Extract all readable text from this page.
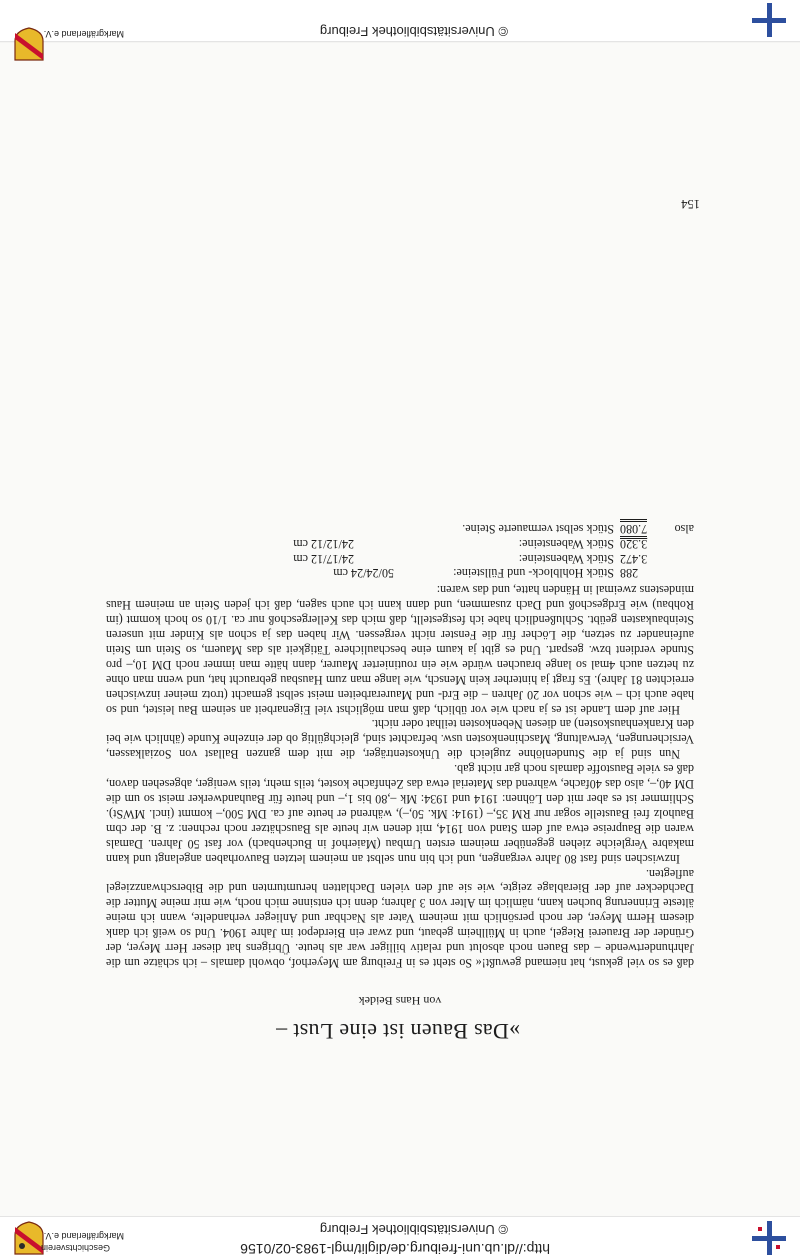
http://dl.ub.uni-freiburg.de/diglit/mgl-1983-02/0156
© Universitätsbibliothek Freiburg
Geschichtsverein
Markgräflerland e.V.
»Das Bauen ist eine Lust –
von Hans Beidek

daß es so viel gekust, hat niemand gewußt!« So steht es in Freiburg am Meyerhof, obwohl damals – ich schätze um die Jahrhundertwende – das Bauen noch absolut und relativ billiger war als heute. Übrigens hat dieser Herr Meyer, der Gründer der Brauerei Riegel, auch in Müllheim gebaut, und zwar ein Bierdepot im Jahre 1904. Und so weiß ich dank diesem Herrn Meyer, der noch persönlich mit meinem Vater als Nachbar und Anlieger verhandelte, wann ich meine älteste Erinnerung buchen kann, nämlich im Alter von 3 Jahren; denn ich entsinne mich noch, wie mir meine Mutter die Dachdecker auf der Bierablage zeigte, wie sie auf den vielen Dachlatten herumturnten und die Biberschwanzziegel auflegten.

Inzwischen sind fast 80 Jahre vergangen, und ich bin nun selbst an meinem letzten Bauvorhaben angelangt und kann makabre Vergleiche ziehen gegenüber meinem ersten Umbau (Maierhof in Buchenbach) vor fast 50 Jahren. Damals waren die Baupreise etwa auf dem Stand von 1914, mit denen wir heute als Bauschätzer noch rechnen: z. B. der cbm Bauholz frei Baustelle sogar nur RM 35,– (1914: Mk. 50,–), während er heute auf ca. DM 500,– kommt (incl. MWSt). Schlimmer ist es aber mit den Löhnen: 1914 und 1934: Mk –,80 bis 1,– und heute für Bauhandwerker meist so um die DM 40,–, also das 40fache, während das Material etwa das Zehnfache kostet, teils mehr, teils weniger, abgesehen davon, daß es viele Baustoffe damals noch gar nicht gab.

Nun sind ja die Stundenlöhne zugleich die Unkostenträger, die mit dem ganzen Ballast von Sozialkassen, Versicherungen, Verwaltung, Maschinenkosten usw. befrachtet sind, gleichgültig ob der einzelne Kunde (ähnlich wie bei den Krankenhauskosten) an diesen Nebenkosten teilhat oder nicht.

Hier auf dem Lande ist es ja nach wie vor üblich, daß man möglichst viel Eigenarbeit an seinem Bau leistet, und so habe auch ich – wie schon vor 20 Jahren – die Erd- und Maurerarbeiten meist selbst gemacht (trotz meiner inzwischen erreichten 81 Jahre). Es fragt ja hinterher kein Mensch, wie lange man zum Hausbau gebraucht hat, und wenn man ohne zu hetzen auch 4mal so lange brauchen würde wie ein routinierter Maurer, dann hätte man immer noch DM 10,– pro Stunde verdient bzw. gespart. Und es gibt ja kaum eine beschaulichere Tätigkeit als das Mauern, so Stein um Stein aufeinander zu setzen, die Löcher für die Fenster nicht vergessen. Wir haben das ja schon als Kinder mit unseren Steinbaukasten geübt. Schlußendlich habe ich festgestellt, daß mich das Kellergeschoß nur ca. 1/10 so hoch kommt (im Rohbau) wie Erdgeschoß und Dach zusammen, und dann kann ich auch sagen, daß ich jeden Stein an meinem Haus mindestens zweimal in Händen hatte, und das waren:

288
Stück Hohlblock- und Füllsteine:
50/24/24 cm
3.472
Stück Wabensteine:
24/17/12 cm
3.320
Stück Wabensteine:
24/12/12 cm
also
7.080
Stück selbst vermauerte Steine.
154
© Universitätsbibliothek Freiburg
Markgräflerland e.V.
